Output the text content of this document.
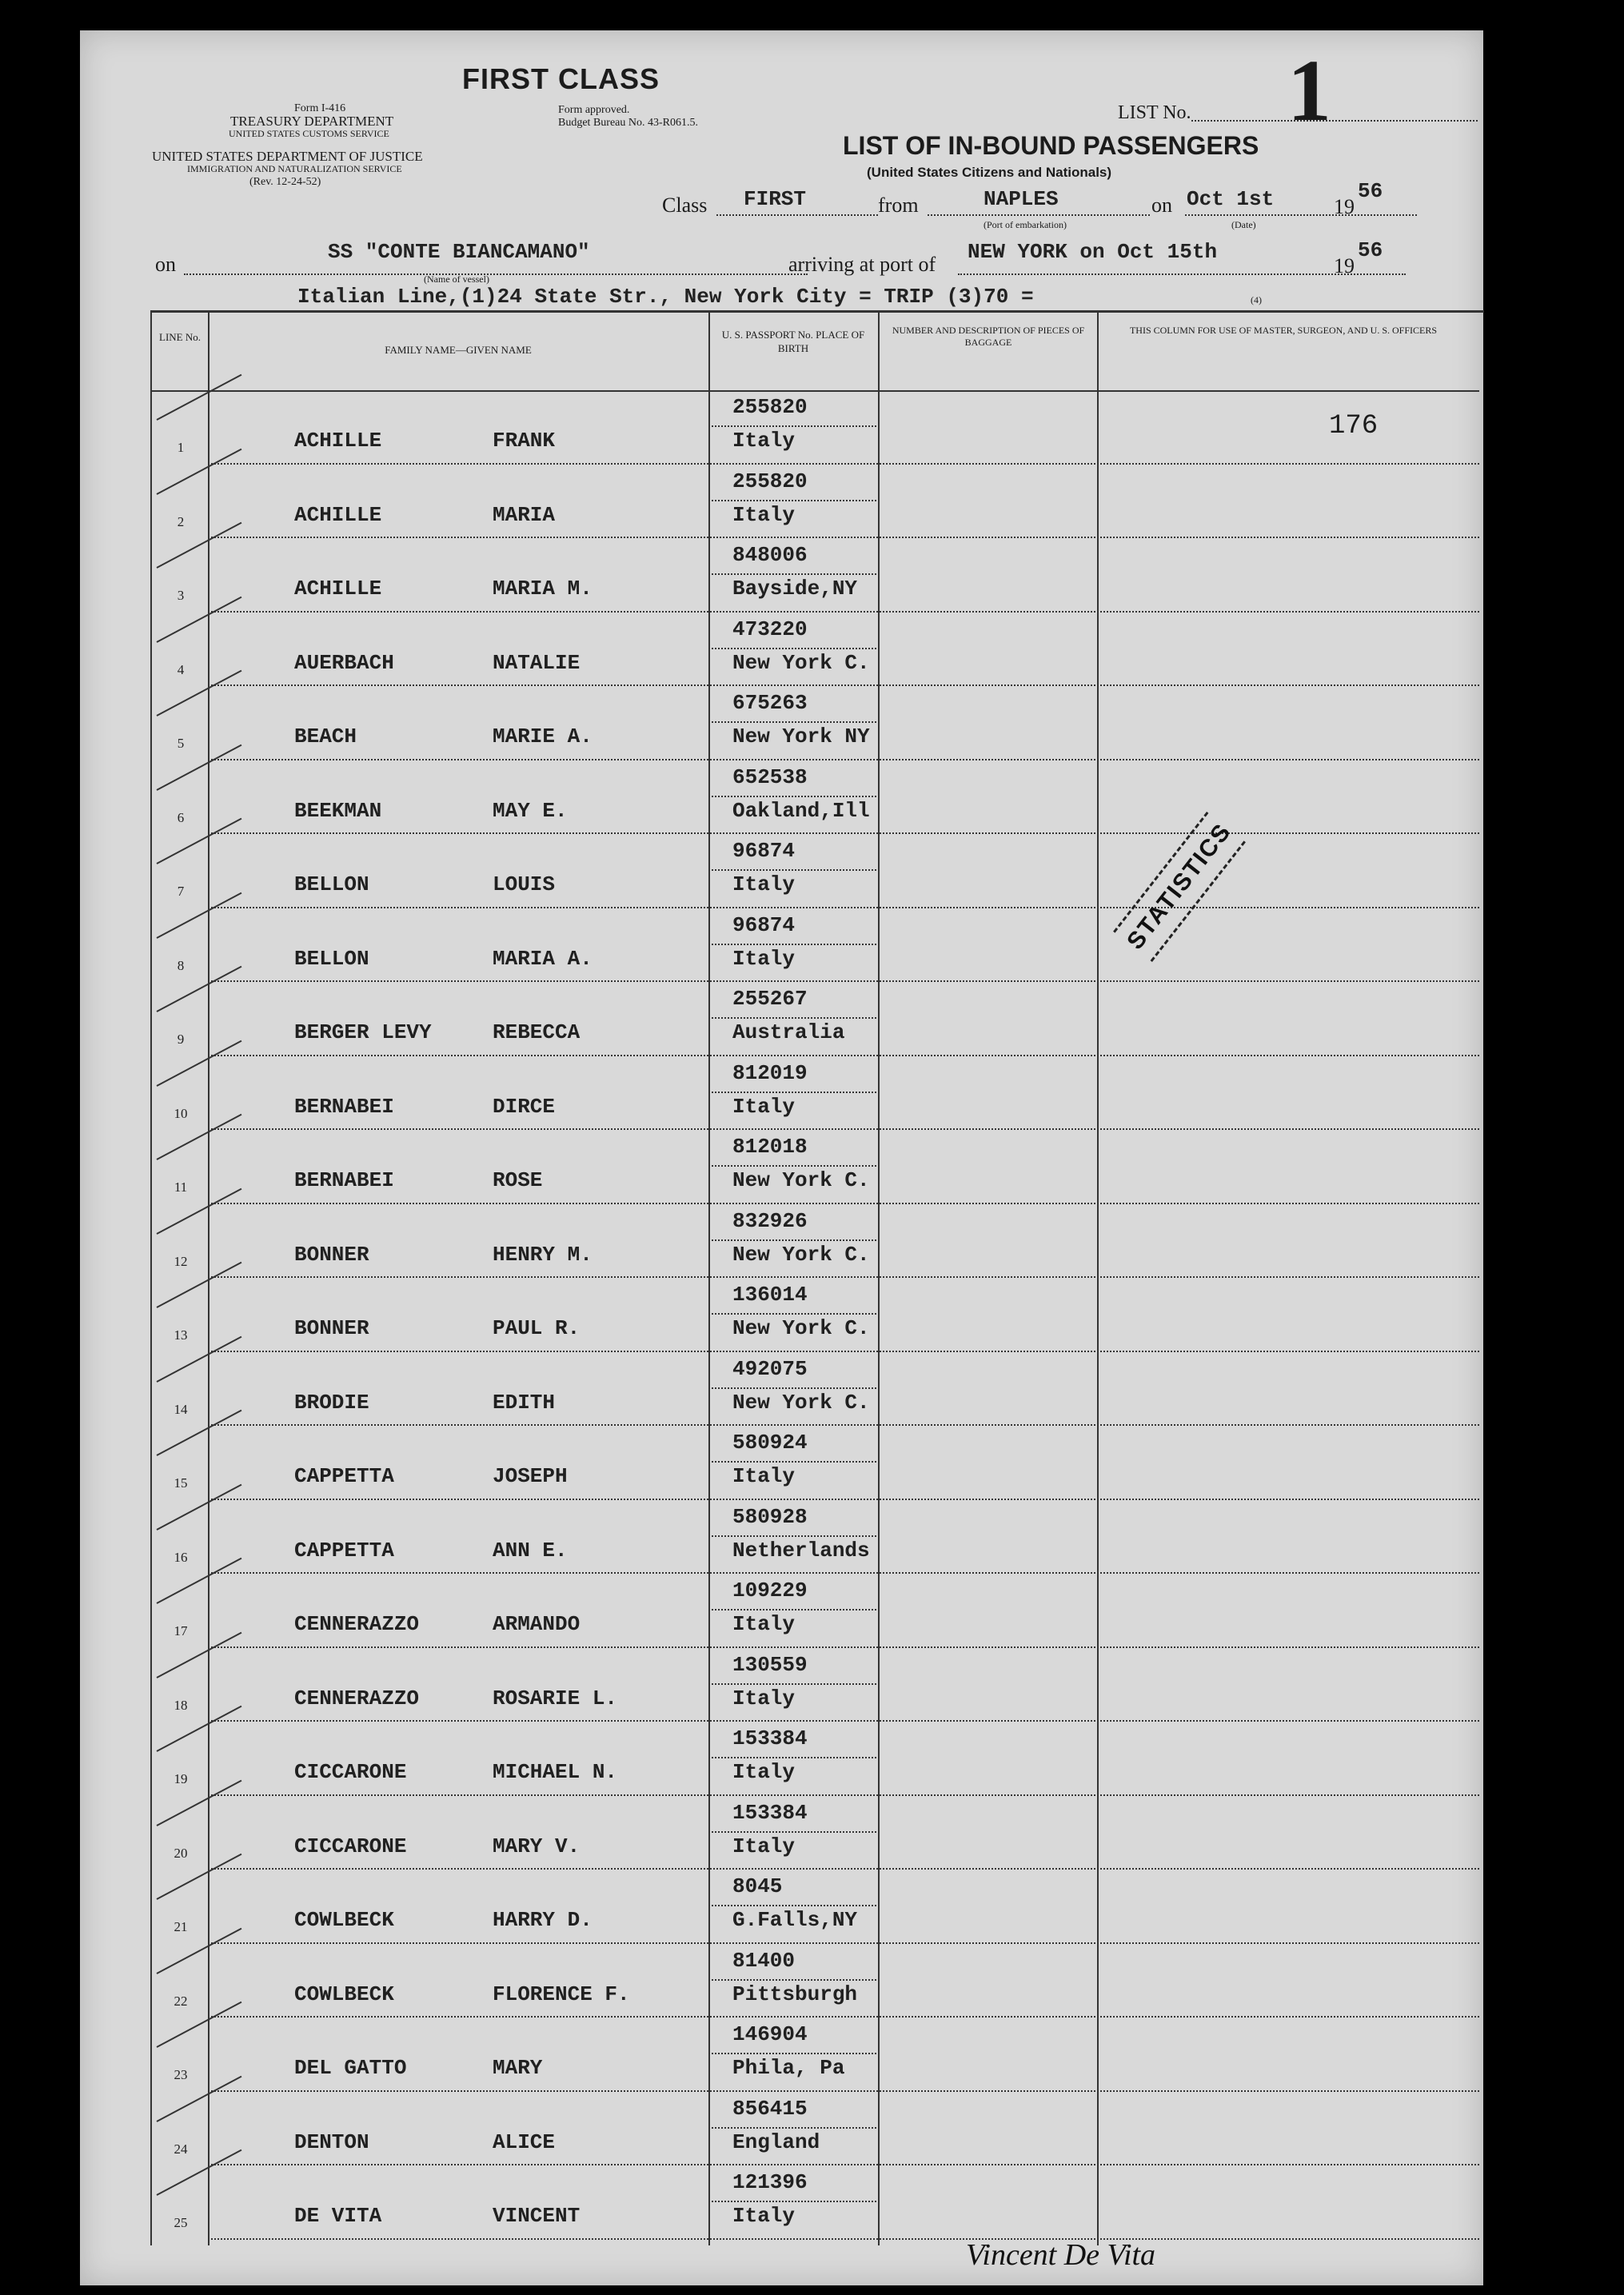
FIRST CLASS
Form I-416
TREASURY DEPARTMENT
UNITED STATES CUSTOMS SERVICE
UNITED STATES DEPARTMENT OF JUSTICE
IMMIGRATION AND NATURALIZATION SERVICE
(Rev. 12-24-52)
Form approved.
Budget Bureau No. 43-R061.5.	LIST No. 1
LIST OF IN-BOUND PASSENGERS
(United States Citizens and Nationals)
Class FIRST	from	NAPLES	on Oct 1st	19
56
(Port of embarkation)	(Date)
on
SS "CONTE BIANCAMANO"
(Name of vessel)
arriving at port of
NEW YORK on Oct 15th
19
56
Italian Line,(1)24 State Str., New York City = TRIP (3)70 =	(4)
LINE No.
FAMILY NAME—GIVEN NAME
U. S. PASSPORT No. PLACE OF BIRTH
NUMBER AND DESCRIPTION OF PIECES OF BAGGAGE
THIS COLUMN FOR USE OF MASTER, SURGEON, AND U. S. OFFICERS
176
1	ACHILLE	FRANK
255820
Italy
2	ACHILLE	MARIA
255820
Italy
3	ACHILLE	MARIA M.
848006
Bayside,NY
4	AUERBACH	NATALIE
473220
New York C.
5	BEACH	MARIE A.
675263
New York NY
6	BEEKMAN	MAY E.
652538
Oakland,Ill
7	BELLON	LOUIS
96874
Italy
8	BELLON	MARIA A.
96874
Italy
9	BERGER LEVY	REBECCA
255267
Australia
10	BERNABEI	DIRCE
812019
Italy
11	BERNABEI	ROSE
812018
New York C.
12	BONNER	HENRY M.
832926
New York C.
13	BONNER	PAUL R.
136014
New York C.
14	BRODIE	EDITH
492075
New York C.
15	CAPPETTA	JOSEPH
580924
Italy
16	CAPPETTA	ANN E.
580928
Netherlands
17	CENNERAZZO	ARMANDO
109229
Italy
18	CENNERAZZO	ROSARIE L.
130559
Italy
19	CICCARONE	MICHAEL N.
153384
Italy
20	CICCARONE	MARY V.
153384
Italy
21	COWLBECK	HARRY D.
8045
G.Falls,NY
22	COWLBECK	FLORENCE F.
81400
Pittsburgh
23	DEL GATTO	MARY
146904
Phila, Pa
24	DENTON	ALICE
856415
England
25	DE VITA	VINCENT
121396
Italy
STATISTICS
Vincent De Vita
